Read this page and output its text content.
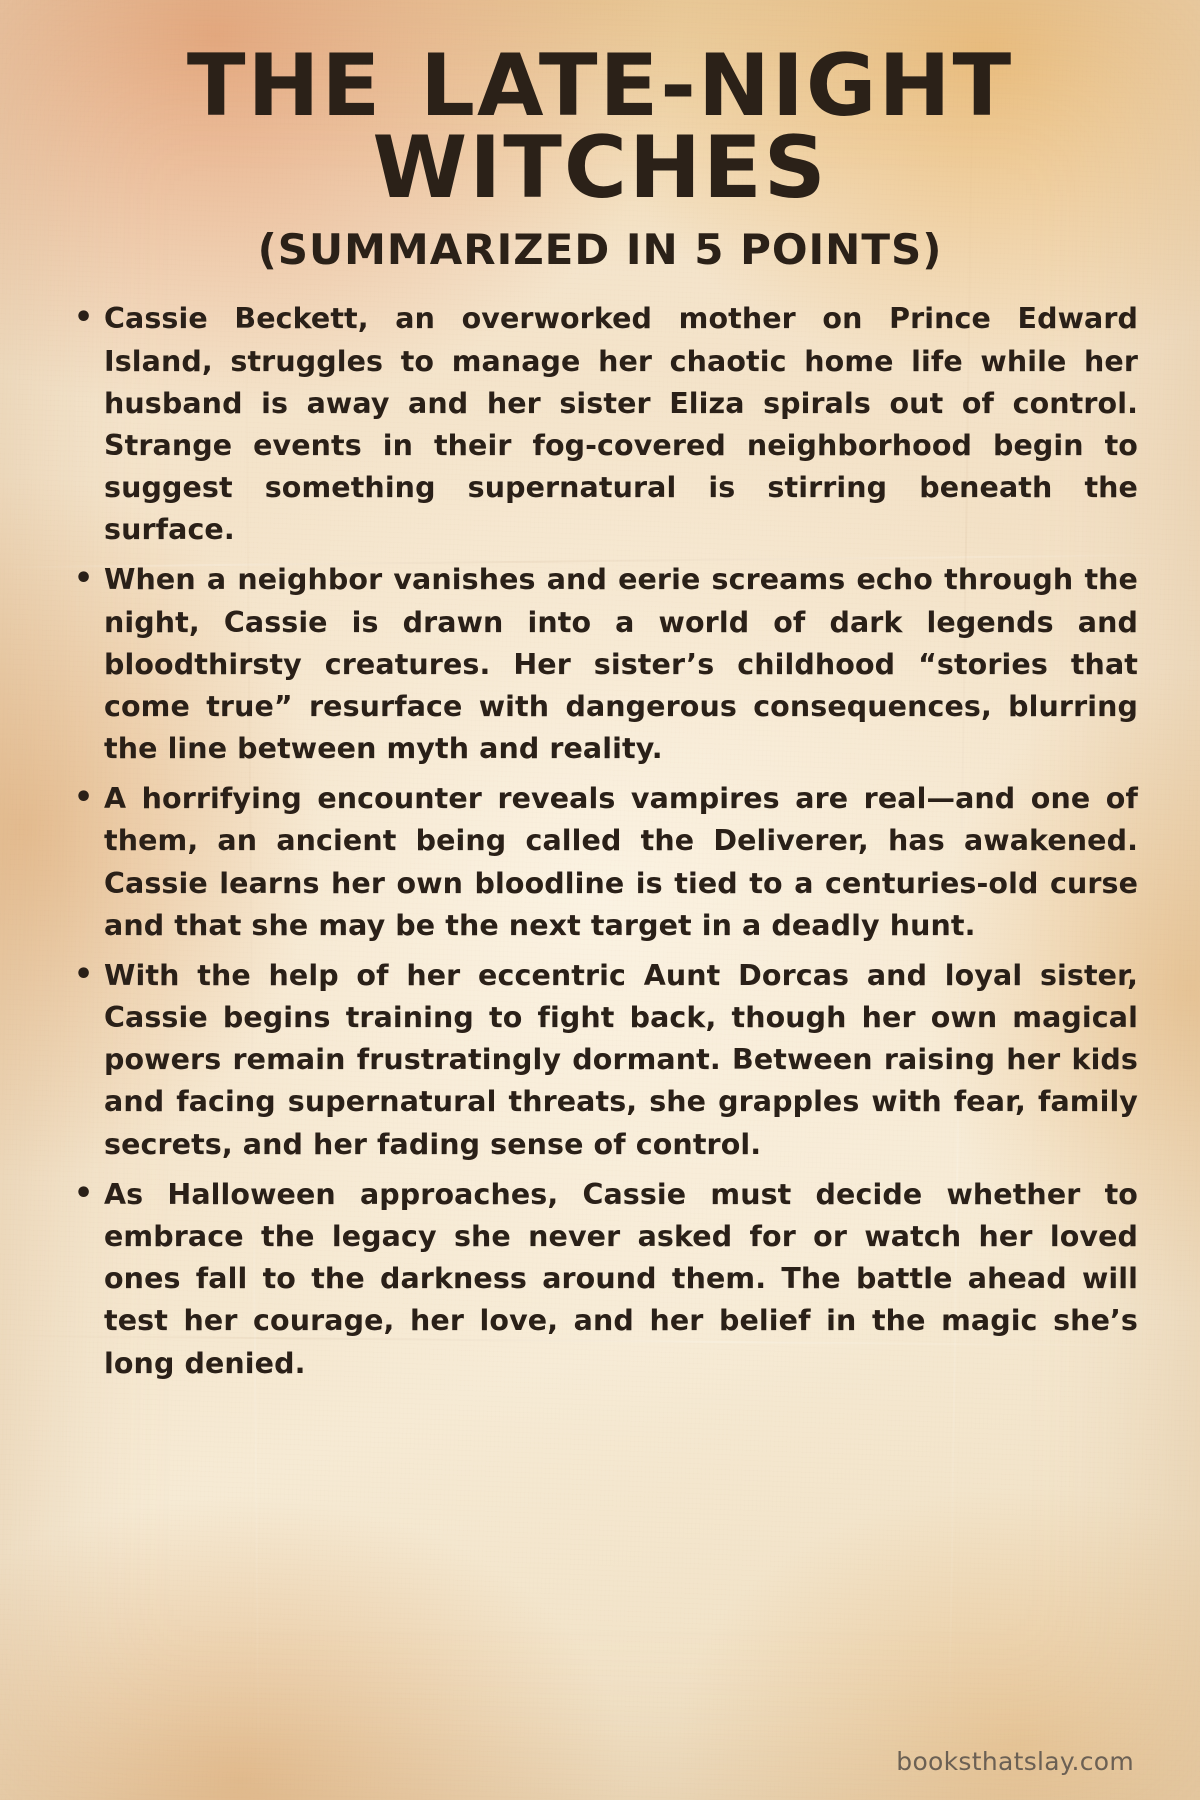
THE LATE-NIGHT WITCHES
(SUMMARIZED IN 5 POINTS)
• Cassie Beckett, an overworked mother on Prince Edward Island, struggles to manage her chaotic home life while her husband is away and her sister Eliza spirals out of control. Strange events in their fog-covered neighborhood begin to suggest something supernatural is stirring beneath the surface.
• When a neighbor vanishes and eerie screams echo through the night, Cassie is drawn into a world of dark legends and bloodthirsty creatures. Her sister’s childhood “stories that come true” resurface with dangerous consequences, blurring the line between myth and reality.
• A horrifying encounter reveals vampires are real—and one of them, an ancient being called the Deliverer, has awakened. Cassie learns her own bloodline is tied to a centuries-old curse and that she may be the next target in a deadly hunt.
• With the help of her eccentric Aunt Dorcas and loyal sister, Cassie begins training to fight back, though her own magical powers remain frustratingly dormant. Between raising her kids and facing supernatural threats, she grapples with fear, family secrets, and her fading sense of control.
• As Halloween approaches, Cassie must decide whether to embrace the legacy she never asked for or watch her loved ones fall to the darkness around them. The battle ahead will test her courage, her love, and her belief in the magic she’s long denied.
booksthatslay.com
